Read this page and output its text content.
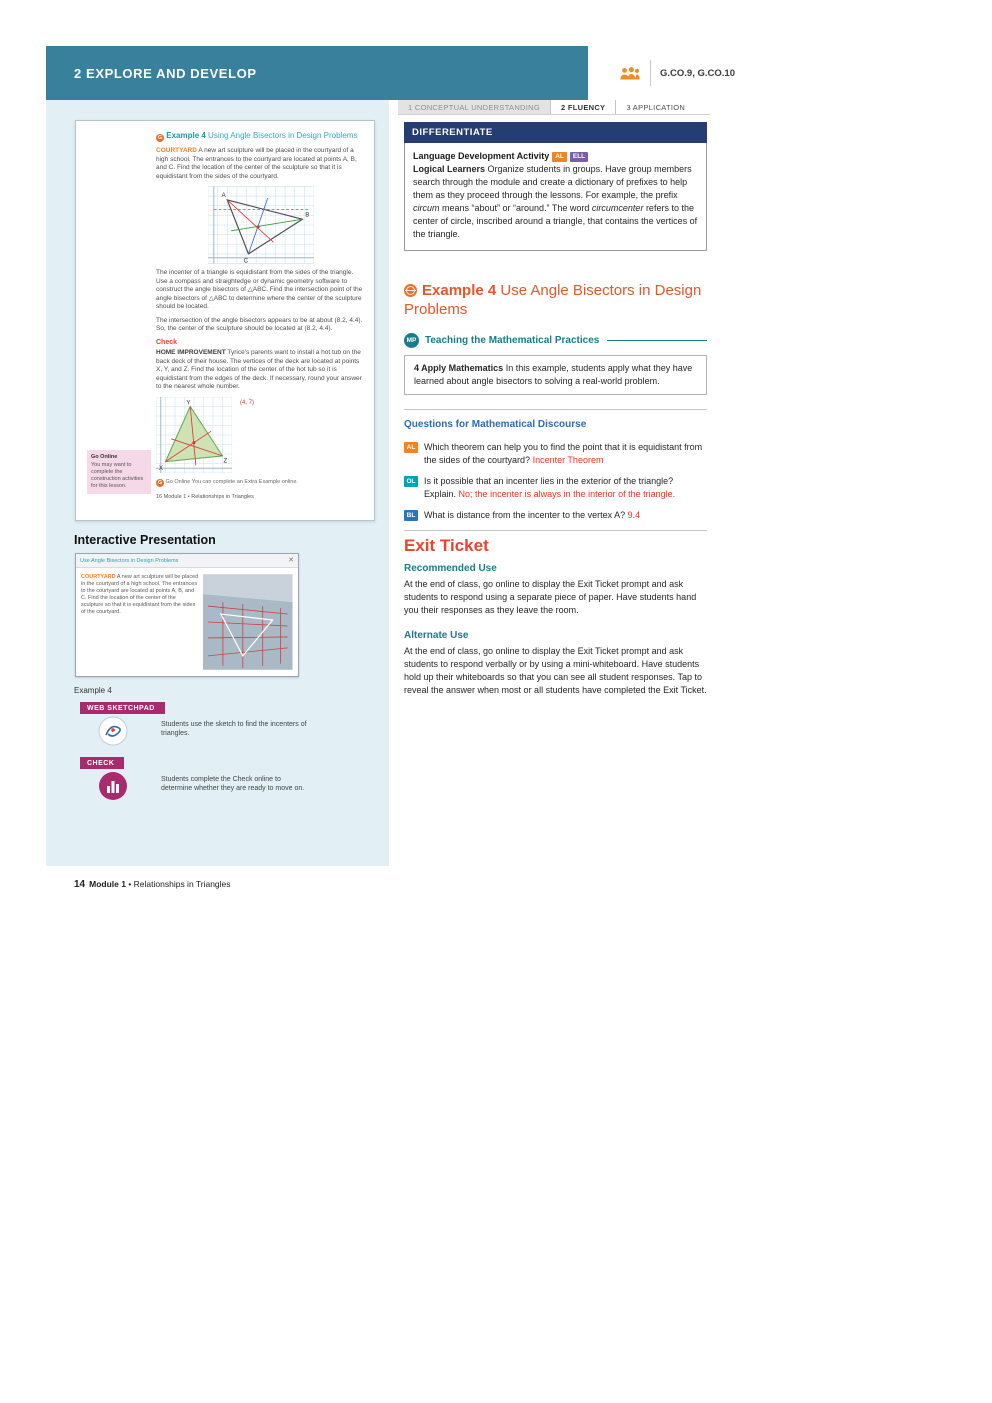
2 EXPLORE AND DEVELOP	G.CO.9, G.CO.10
1 CONCEPTUAL UNDERSTANDING	2 FLUENCY	3 APPLICATION
Go Online
You may want to complete the construction activities for this lesson.
G Example 4 Using Angle Bisectors in Design Problems

COURTYARD A new art sculpture will be placed in the courtyard of a high school. The entrances to the courtyard are located at points A, B, and C. Find the location of the center of the sculpture so that it is equidistant from the sides of the courtyard.

A
B
C

The incenter of a triangle is equidistant from the sides of the triangle. Use a compass and straightedge or dynamic geometry software to construct the angle bisectors of △ABC. Find the intersection point of the angle bisectors of △ABC to determine where the center of the sculpture should be located.

The intersection of the angle bisectors appears to be at about (8.2, 4.4). So, the center of the sculpture should be located at (8.2, 4.4).

Check

HOME IMPROVEMENT Tyrice's parents want to install a hot tub on the back deck of their house. The vertices of the deck are located at points X, Y, and Z. Find the location of the center of the hot tub so it is equidistant from the edges of the deck. If necessary, round your answer to the nearest whole number.

X
Y
Z
(4, 7)

G Go Online You can complete an Extra Example online.

16 Module 1 • Relationships in Triangles
Interactive Presentation
Use Angle Bisectors in Design Problems	✕
COURTYARD A new art sculpture will be placed in the courtyard of a high school. The entrances to the courtyard are located at points A, B, and C. Find the location of the center of the sculpture so that it is equidistant from the sides of the courtyard.
Example 4
WEB SKETCHPAD
Students use the sketch to find the incenters of triangles.
CHECK
Students complete the Check online to determine whether they are ready to move on.
DIFFERENTIATE
Language Development Activity AL ELL
Logical Learners Organize students in groups. Have group members search through the module and create a dictionary of prefixes to help them as they proceed through the lessons. For example, the prefix circum means “about” or “around.” The word circumcenter refers to the center of circle, inscribed around a triangle, that contains the vertices of the triangle.
Example 4 Use Angle Bisectors in Design Problems
MP Teaching the Mathematical Practices
4 Apply Mathematics In this example, students apply what they have learned about angle bisectors to solving a real-world problem.
Questions for Mathematical Discourse
AL Which theorem can help you to find the point that it is equidistant from the sides of the courtyard? Incenter Theorem
OL Is it possible that an incenter lies in the exterior of the triangle? Explain. No; the incenter is always in the interior of the triangle.
BL What is distance from the incenter to the vertex A? 9.4
Exit Ticket
Recommended Use
At the end of class, go online to display the Exit Ticket prompt and ask students to respond using a separate piece of paper. Have students hand you their responses as they leave the room.
Alternate Use
At the end of class, go online to display the Exit Ticket prompt and ask students to respond verbally or by using a mini-whiteboard. Have students hold up their whiteboards so that you can see all student responses. Tap to reveal the answer when most or all students have completed the Exit Ticket.
14 Module 1 • Relationships in Triangles
